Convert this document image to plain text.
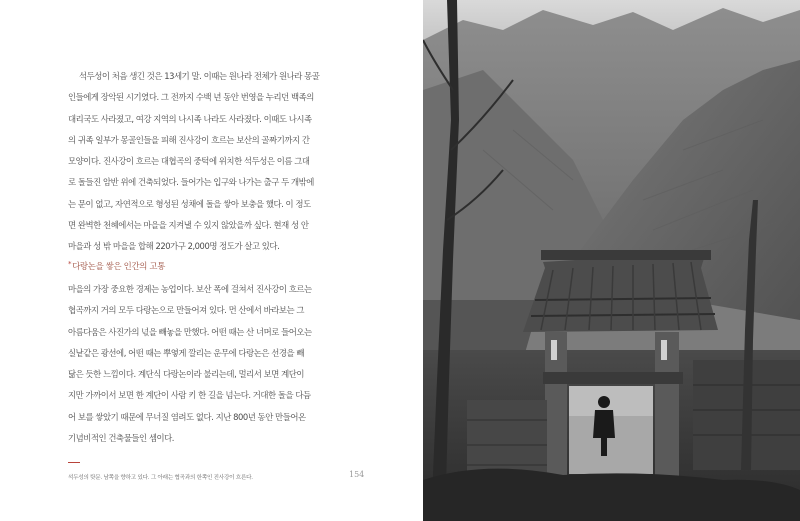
석두성이 처음 생긴 것은 13세기 말. 이때는 원나라 전체가 원나라 몽골
인들에게 장악된 시기였다. 그 전까지 수백 년 동안 번영을 누리던 백족의
대리국도 사라졌고, 여강 지역의 나시족 나라도 사라졌다. 이때도 나시족
의 귀족 일부가 몽골인들을 피해 진사강이 흐르는 보산의 골짜기까지 간
모양이다. 진사강이 흐르는 대협곡의 중턱에 위치한 석두성은 이름 그대
로 돌들진 암반 위에 건축되었다. 들어가는 입구와 나가는 출구 두 개밖에
는 문이 없고, 자연적으로 형성된 성채에 돌을 쌓아 보충을 했다. 이 정도
면 완벽한 천혜에서는 마을을 지켜낼 수 있지 않았을까 싶다. 현재 성 안
마을과 성 밖 마을을 합해 220가구 2,000명 정도가 살고 있다.
*다랑논을 쌓은 인간의 고통
마을의 가장 중요한 경제는 농업이다. 보산 폭에 걸쳐서 진사강이 흐르는
협곡까지 거의 모두 다랑논으로 만들어져 있다. 먼 산에서 바라보는 그
아름다움은 사진가의 넋을 빼놓을 만했다. 어떤 때는 산 너머로 들어오는
실낱같은 광선에, 어떤 때는 뿌옇게 깔리는 운무에 다랑논은 선경을 빼
닮은 듯한 느낌이다. 계단식 다랑논이라 불리는데, 멀리서 보면 계단이
지만 가까이서 보면 한 계단이 사람 키 한 길을 넘는다. 거대한 돌을 다듬
어 보를 쌓았기 때문에 무너질 염려도 없다. 지난 800년 동안 만들어온
기념비적인 건축물들인 셈이다.
석두성의 탓문. 남쪽을 향하고 있다. 그 아래는 협곡과의 한쪽인 진사강이 흐른다.	154
